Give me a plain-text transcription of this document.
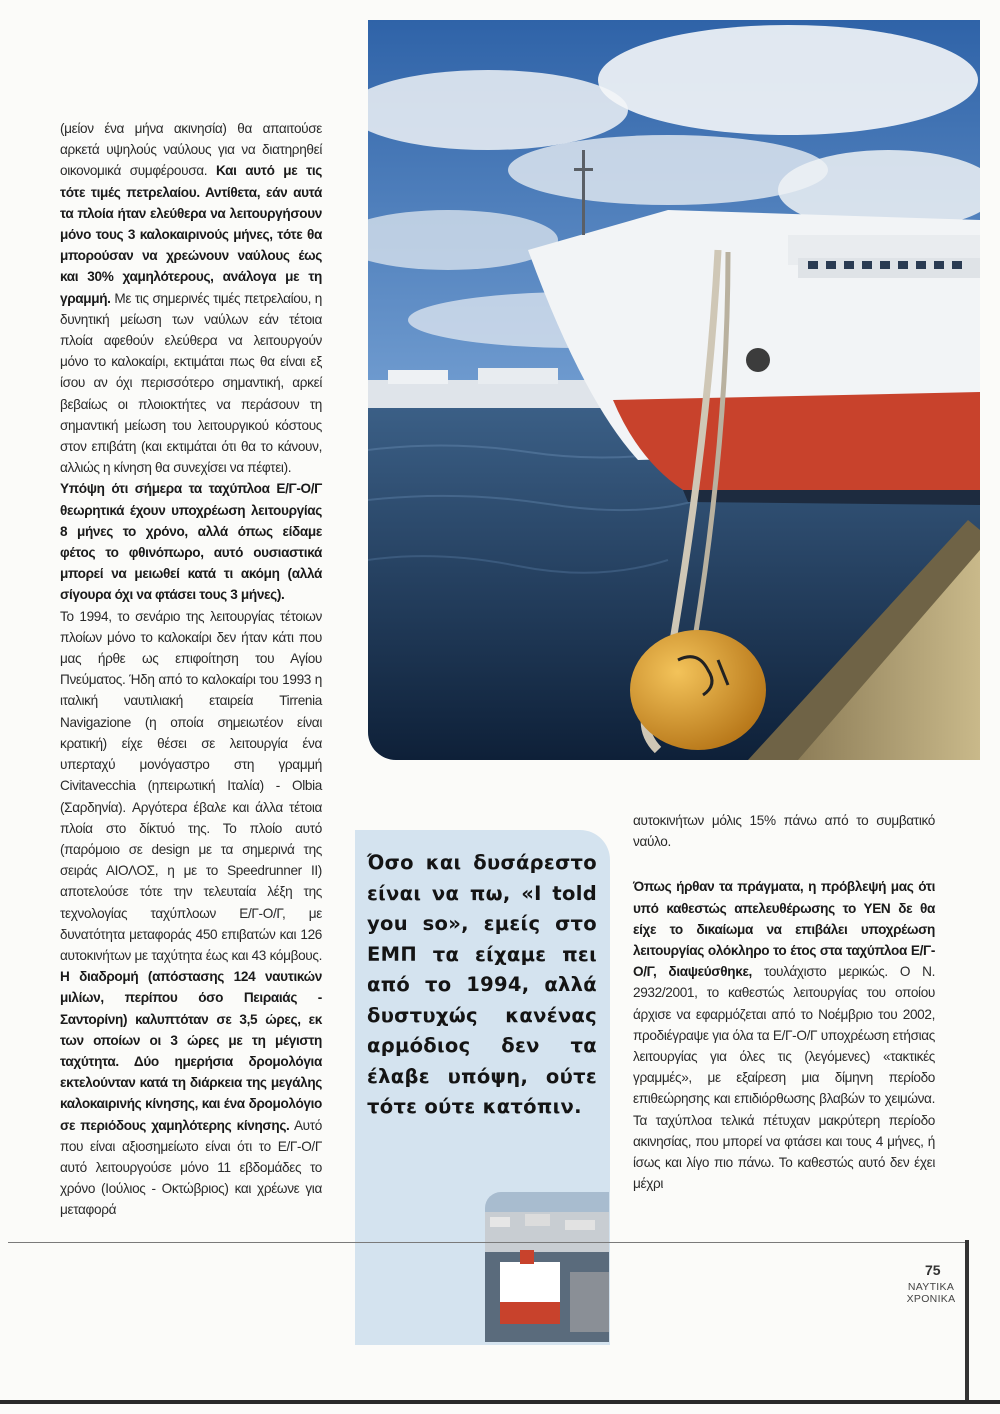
(μείον ένα μήνα ακινησία) θα απαιτούσε αρκετά υψηλούς ναύλους για να διατηρηθεί οικονομικά συμφέρουσα. Και αυτό με τις τότε τιμές πετρελαίου. Αντίθετα, εάν αυτά τα πλοία ήταν ελεύθερα να λειτουργήσουν μόνο τους 3 καλοκαιρινούς μήνες, τότε θα μπορούσαν να χρεώνουν ναύλους έως και 30% χαμηλότερους, ανάλογα με τη γραμμή. Με τις σημερινές τιμές πετρελαίου, η δυνητική μείωση των ναύλων εάν τέτοια πλοία αφεθούν ελεύθερα να λειτουργούν μόνο το καλοκαίρι, εκτιμάται πως θα είναι εξ ίσου αν όχι περισσότερο σημαντική, αρκεί βεβαίως οι πλοιοκτήτες να περάσουν τη σημαντική μείωση του λειτουργικού κόστους στον επιβάτη (και εκτιμάται ότι θα το κάνουν, αλλιώς η κίνηση θα συνεχίσει να πέφτει).

Υπόψη ότι σήμερα τα ταχύπλοα Ε/Γ-Ο/Γ θεωρητικά έχουν υποχρέωση λειτουργίας 8 μήνες το χρόνο, αλλά όπως είδαμε φέτος το φθινόπωρο, αυτό ουσιαστικά μπορεί να μειωθεί κατά τι ακόμη (αλλά σίγουρα όχι να φτάσει τους 3 μήνες).

Το 1994, το σενάριο της λειτουργίας τέτοιων πλοίων μόνο το καλοκαίρι δεν ήταν κάτι που μας ήρθε ως επιφοίτηση του Αγίου Πνεύματος. Ήδη από το καλοκαίρι του 1993 η ιταλική ναυτιλιακή εταιρεία Tirrenia Navigazione (η οποία σημειωτέον είναι κρατική) είχε θέσει σε λειτουργία ένα υπερταχύ μονόγαστρο στη γραμμή Civitavecchia (ηπειρωτική Ιταλία) - Olbia (Σαρδηνία). Αργότερα έβαλε και άλλα τέτοια πλοία στο δίκτυό της. Το πλοίο αυτό (παρόμοιο σε design με τα σημερινά της σειράς ΑΙΟΛΟΣ, η με το Speedrunner II) αποτελούσε τότε την τελευταία λέξη της τεχνολογίας ταχύπλοων Ε/Γ-Ο/Γ, με δυνατότητα μεταφοράς 450 επιβατών και 126 αυτοκινήτων με ταχύτητα έως και 43 κόμβους. Η διαδρομή (απόστασης 124 ναυτικών μιλίων, περίπου όσο Πειραιάς - Σαντορίνη) καλυπτόταν σε 3,5 ώρες, εκ των οποίων οι 3 ώρες με τη μέγιστη ταχύτητα. Δύο ημερήσια δρομολόγια εκτελούνταν κατά τη διάρκεια της μεγάλης καλοκαιρινής κίνησης, και ένα δρομολόγιο σε περιόδους χαμηλότερης κίνησης. Αυτό που είναι αξιοσημείωτο είναι ότι το Ε/Γ-Ο/Γ αυτό λειτουργούσε μόνο 11 εβδομάδες το χρόνο (Ιούλιος - Οκτώβριος) και χρέωνε για μεταφορά

Όσο και δυσάρεστο είναι να πω, «I told you so», εμείς στο ΕΜΠ τα είχαμε πει από το 1994, αλλά δυστυχώς κανένας αρμόδιος δεν τα έλαβε υπόψη, ούτε τότε ούτε κατόπιν.

αυτοκινήτων μόλις 15% πάνω από το συμβατικό ναύλο.

Όπως ήρθαν τα πράγματα, η πρόβλεψή μας ότι υπό καθεστώς απελευθέρωσης το ΥΕΝ δε θα είχε το δικαίωμα να επιβάλει υποχρέωση λειτουργίας ολόκληρο το έτος στα ταχύπλοα Ε/Γ-Ο/Γ, διαψεύσθηκε, τουλάχιστο μερικώς. Ο Ν. 2932/2001, το καθεστώς λειτουργίας του οποίου άρχισε να εφαρμόζεται από το Νοέμβριο του 2002, προδιέγραψε για όλα τα Ε/Γ-Ο/Γ υποχρέωση ετήσιας λειτουργίας για όλες τις (λεγόμενες) «τακτικές γραμμές», με εξαίρεση μια δίμηνη περίοδο επιθεώρησης και επιδιόρθωσης βλαβών το χειμώνα. Τα ταχύπλοα τελικά πέτυχαν μακρύτερη περίοδο ακινησίας, που μπορεί να φτάσει και τους 4 μήνες, ή ίσως και λίγο πιο πάνω. Το καθεστώς αυτό δεν έχει μέχρι

75
ΝΑΥΤΙΚΑ
ΧΡΟΝΙΚΑ
